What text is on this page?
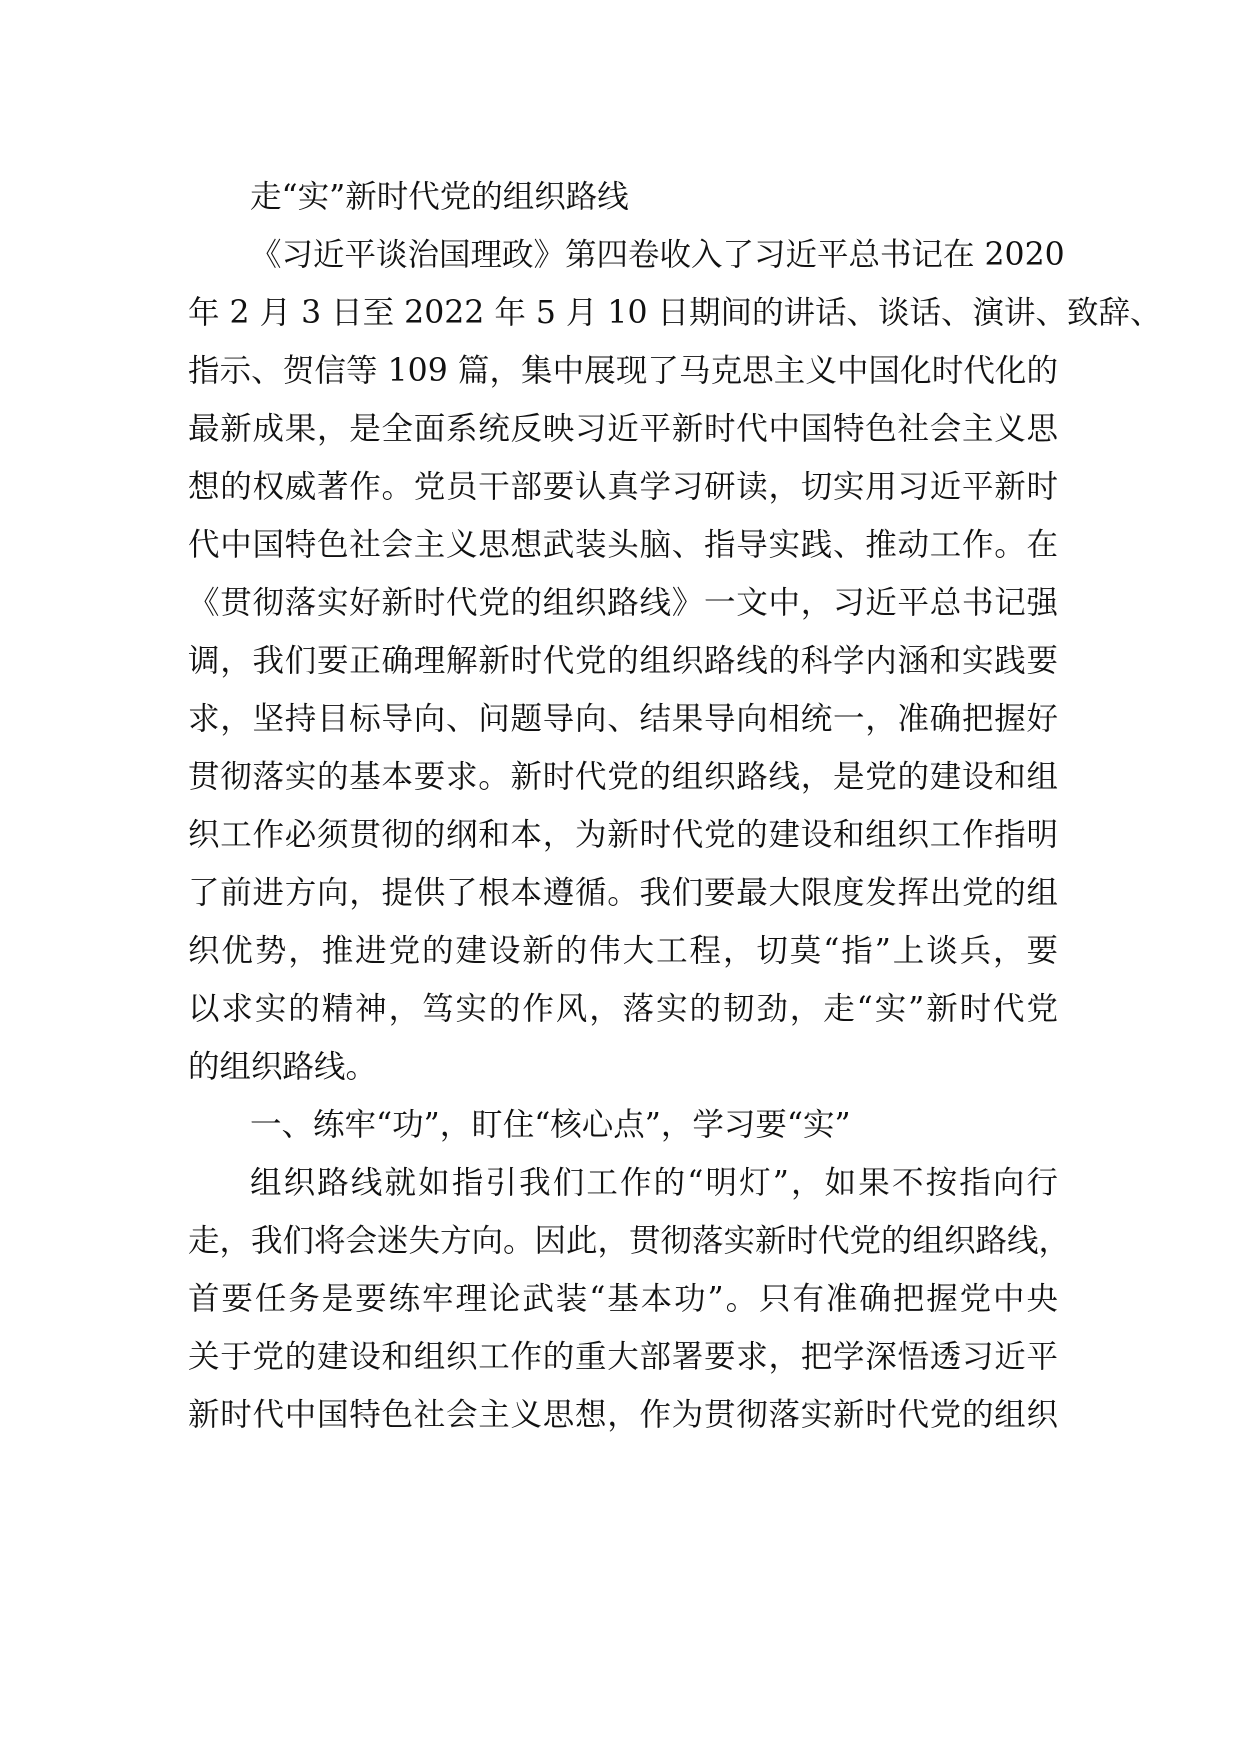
走“实”新时代党的组织路线
《习近平谈治国理政》第四卷收入了习近平总书记在 2020
年 2 月 3 日至 2022 年 5 月 10 日期间的讲话、谈话、演讲、致辞、
指示、贺信等 109 篇，集中展现了马克思主义中国化时代化的
最新成果，是全面系统反映习近平新时代中国特色社会主义思
想的权威著作。党员干部要认真学习研读，切实用习近平新时
代中国特色社会主义思想武装头脑、指导实践、推动工作。在
《贯彻落实好新时代党的组织路线》一文中，习近平总书记强
调，我们要正确理解新时代党的组织路线的科学内涵和实践要
求，坚持目标导向、问题导向、结果导向相统一，准确把握好
贯彻落实的基本要求。新时代党的组织路线，是党的建设和组
织工作必须贯彻的纲和本，为新时代党的建设和组织工作指明
了前进方向，提供了根本遵循。我们要最大限度发挥出党的组
织优势，推进党的建设新的伟大工程，切莫“指”上谈兵，要
以求实的精神，笃实的作风，落实的韧劲，走“实”新时代党
的组织路线。
一、练牢“功”，盯住“核心点”，学习要“实”
组织路线就如指引我们工作的“明灯”，如果不按指向行
走，我们将会迷失方向。因此，贯彻落实新时代党的组织路线，
首要任务是要练牢理论武装“基本功”。只有准确把握党中央
关于党的建设和组织工作的重大部署要求，把学深悟透习近平
新时代中国特色社会主义思想，作为贯彻落实新时代党的组织
